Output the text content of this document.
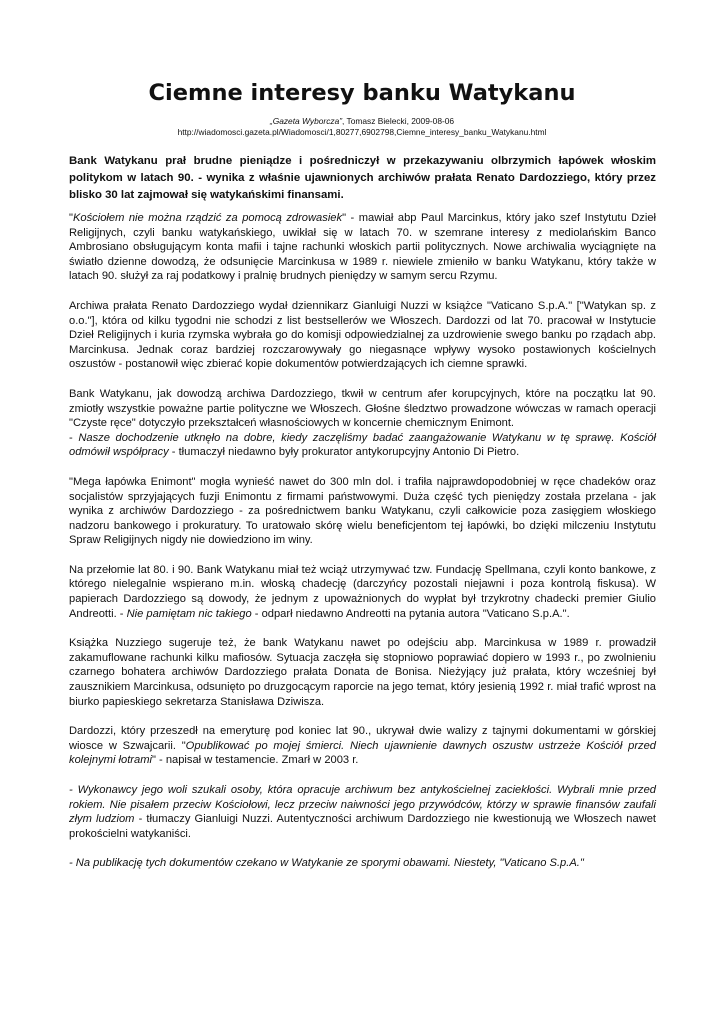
Ciemne interesy banku Watykanu
„Gazeta Wyborcza”, Tomasz Bielecki, 2009-08-06
http://wiadomosci.gazeta.pl/Wiadomosci/1,80277,6902798,Ciemne_interesy_banku_Watykanu.html

Bank Watykanu prał brudne pieniądze i pośredniczył w przekazywaniu olbrzymich łapówek włoskim politykom w latach 90. - wynika z właśnie ujawnionych archiwów prałata Renato Dardozziego, który przez blisko 30 lat zajmował się watykańskimi finansami.

"Kościołem nie można rządzić za pomocą zdrowasiek" - mawiał abp Paul Marcinkus, który jako szef Instytutu Dzieł Religijnych, czyli banku watykańskiego, uwikłał się w latach 70. w szemrane interesy z mediolańskim Banco Ambrosiano obsługującym konta mafii i tajne rachunki włoskich partii politycznych. Nowe archiwalia wyciągnięte na światło dzienne dowodzą, że odsunięcie Marcinkusa w 1989 r. niewiele zmieniło w banku Watykanu, który także w latach 90. służył za raj podatkowy i pralnię brudnych pieniędzy w samym sercu Rzymu.

Archiwa prałata Renato Dardozziego wydał dziennikarz Gianluigi Nuzzi w książce "Vaticano S.p.A." ["Watykan sp. z o.o."], która od kilku tygodni nie schodzi z list bestsellerów we Włoszech. Dardozzi od lat 70. pracował w Instytucie Dzieł Religijnych i kuria rzymska wybrała go do komisji odpowiedzialnej za uzdrowienie swego banku po rządach abp. Marcinkusa. Jednak coraz bardziej rozczarowywały go niegasnące wpływy wysoko postawionych kościelnych oszustów - postanowił więc zbierać kopie dokumentów potwierdzających ich ciemne sprawki.

Bank Watykanu, jak dowodzą archiwa Dardozziego, tkwił w centrum afer korupcyjnych, które na początku lat 90. zmiotły wszystkie poważne partie polityczne we Włoszech. Głośne śledztwo prowadzone wówczas w ramach operacji "Czyste ręce" dotyczyło przekształceń własnościowych w koncernie chemicznym Enimont.
- Nasze dochodzenie utknęło na dobre, kiedy zaczęliśmy badać zaangażowanie Watykanu w tę sprawę. Kościół odmówił współpracy - tłumaczył niedawno były prokurator antykorupcyjny Antonio Di Pietro.

"Mega łapówka Enimont" mogła wynieść nawet do 300 mln dol. i trafiła najprawdopodobniej w ręce chadeków oraz socjalistów sprzyjających fuzji Enimontu z firmami państwowymi. Duża część tych pieniędzy została przelana - jak wynika z archiwów Dardozziego - za pośrednictwem banku Watykanu, czyli całkowicie poza zasięgiem włoskiego nadzoru bankowego i prokuratury. To uratowało skórę wielu beneficjentom tej łapówki, bo dzięki milczeniu Instytutu Spraw Religijnych nigdy nie dowiedziono im winy.

Na przełomie lat 80. i 90. Bank Watykanu miał też wciąż utrzymywać tzw. Fundację Spellmana, czyli konto bankowe, z którego nielegalnie wspierano m.in. włoską chadecję (darczyńcy pozostali niejawni i poza kontrolą fiskusa). W papierach Dardozziego są dowody, że jednym z upoważnionych do wypłat był trzykrotny chadecki premier Giulio Andreotti. - Nie pamiętam nic takiego - odparł niedawno Andreotti na pytania autora "Vaticano S.p.A.".

Książka Nuzziego sugeruje też, że bank Watykanu nawet po odejściu abp. Marcinkusa w 1989 r. prowadził zakamuflowane rachunki kilku mafiosów. Sytuacja zaczęła się stopniowo poprawiać dopiero w 1993 r., po zwolnieniu czarnego bohatera archiwów Dardozziego prałata Donata de Bonisa. Nieżyjący już prałata, który wcześniej był zausznikiem Marcinkusa, odsunięto po druzgocącym raporcie na jego temat, który jesienią 1992 r. miał trafić wprost na biurko papieskiego sekretarza Stanisława Dziwisza.

Dardozzi, który przeszedł na emeryturę pod koniec lat 90., ukrywał dwie walizy z tajnymi dokumentami w górskiej wiosce w Szwajcarii. "Opublikować po mojej śmierci. Niech ujawnienie dawnych oszustw ustrzeże Kościół przed kolejnymi łotrami" - napisał w testamencie. Zmarł w 2003 r.

- Wykonawcy jego woli szukali osoby, która opracuje archiwum bez antykościelnej zaciekłości. Wybrali mnie przed rokiem. Nie pisałem przeciw Kościołowi, lecz przeciw naiwności jego przywódców, którzy w sprawie finansów zaufali złym ludziom - tłumaczy Gianluigi Nuzzi. Autentyczności archiwum Dardozziego nie kwestionują we Włoszech nawet prokościelni watykaniści.

- Na publikację tych dokumentów czekano w Watykanie ze sporymi obawami. Niestety, "Vaticano S.p.A."
